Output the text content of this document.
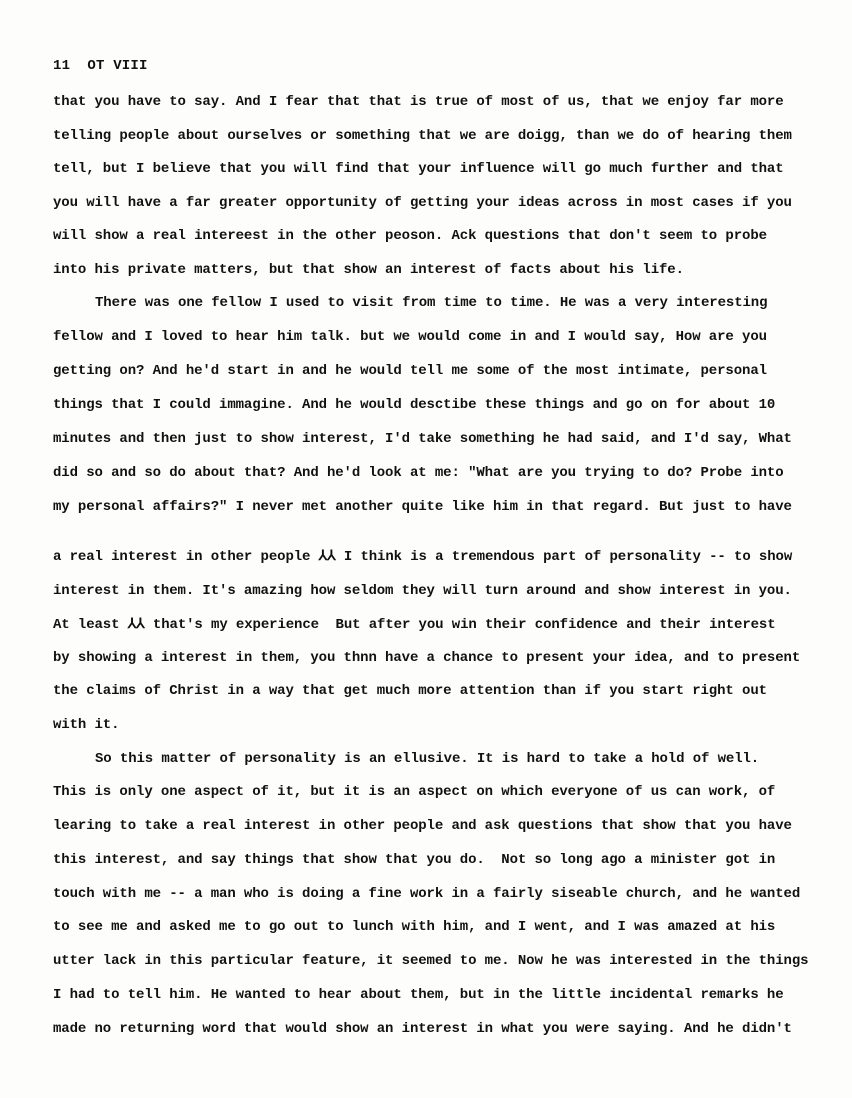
11  OT VIII
that you have to say. And I fear that that is true of most of us, that we enjoy far more
telling people about ourselves or something that we are doigg, than we do of hearing them
tell, but I believe that you will find that your influence will go much further and that
you will have a far greater opportunity of getting your ideas across in most cases if you
will show a real intereest in the other peoson. Ack questions that don't seem to probe
into his private matters, but that show an interest of facts about his life.
There was one fellow I used to visit from time to time. He was a very interesting
fellow and I loved to hear him talk. but we would come in and I would say, How are you
getting on? And he'd start in and he would tell me some of the most intimate, personal
things that I could immagine. And he would desctibe these things and go on for about 10
minutes and then just to show interest, I'd take something he had said, and I'd say, What
did so and so do about that? And he'd look at me: "What are you trying to do? Probe into
my personal affairs?" I never met another quite like him in that regard. But just to have
a real interest in other people ⅄⅄ I think is a tremendous part of personality -- to show
interest in them. It's amazing how seldom they will turn around and show interest in you.
At least ⅄⅄ that's my experience  But after you win their confidence and their interest
by showing a interest in them, you thnn have a chance to present your idea, and to present
the claims of Christ in a way that get much more attention than if you start right out
with it.
So this matter of personality is an ellusive. It is hard to take a hold of well.
This is only one aspect of it, but it is an aspect on which everyone of us can work, of
learing to take a real interest in other people and ask questions that show that you have
this interest, and say things that show that you do.  Not so long ago a minister got in
touch with me -- a man who is doing a fine work in a fairly siseable church, and he wanted
to see me and asked me to go out to lunch with him, and I went, and I was amazed at his
utter lack in this particular feature, it seemed to me. Now he was interested in the things
I had to tell him. He wanted to hear about them, but in the little incidental remarks he
made no returning word that would show an interest in what you were saying. And he didn't
